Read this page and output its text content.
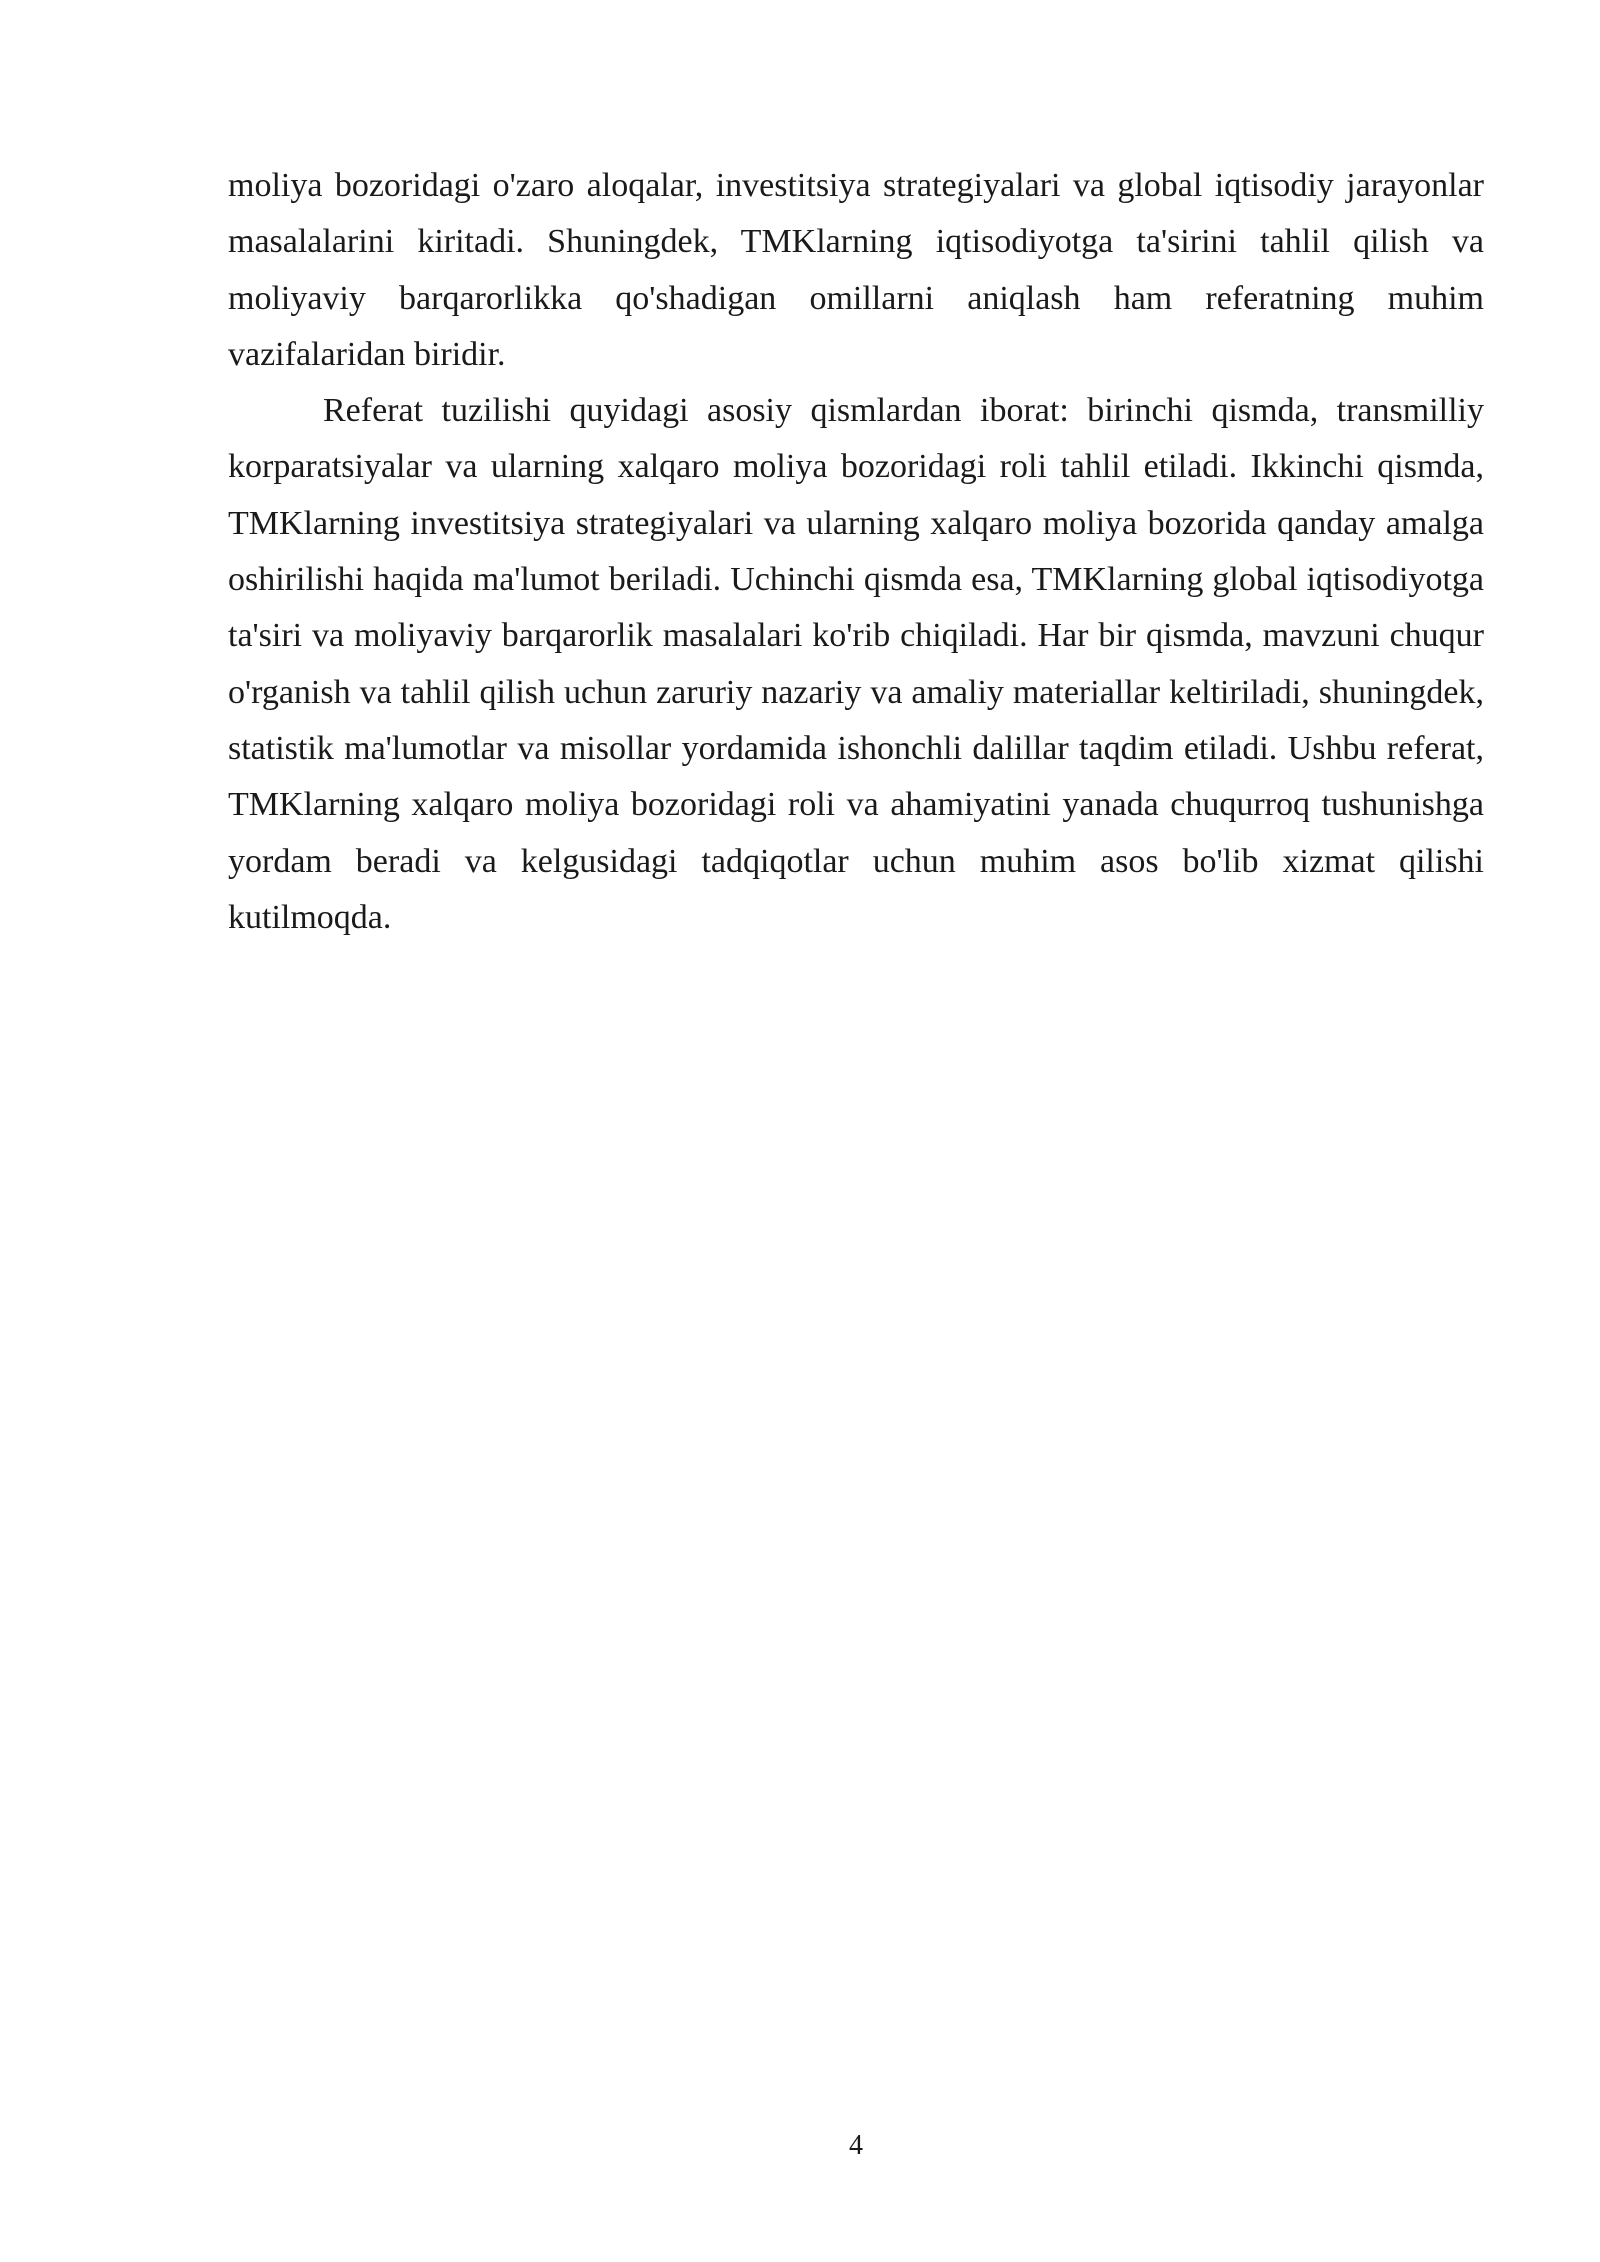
moliya bozoridagi o'zaro aloqalar, investitsiya strategiyalari va global iqtisodiy jarayonlar masalalarini kiritadi. Shuningdek, TMKlarning iqtisodiyotga ta'sirini tahlil qilish va moliyaviy barqarorlikka qo'shadigan omillarni aniqlash ham referatning muhim vazifalaridan biridir.

Referat tuzilishi quyidagi asosiy qismlardan iborat: birinchi qismda, transmilliy korparatsiyalar va ularning xalqaro moliya bozoridagi roli tahlil etiladi. Ikkinchi qismda, TMKlarning investitsiya strategiyalari va ularning xalqaro moliya bozorida qanday amalga oshirilishi haqida ma'lumot beriladi. Uchinchi qismda esa, TMKlarning global iqtisodiyotga ta'siri va moliyaviy barqarorlik masalalari ko'rib chiqiladi. Har bir qismda, mavzuni chuqur o'rganish va tahlil qilish uchun zaruriy nazariy va amaliy materiallar keltiriladi, shuningdek, statistik ma'lumotlar va misollar yordamida ishonchli dalillar taqdim etiladi. Ushbu referat, TMKlarning xalqaro moliya bozoridagi roli va ahamiyatini yanada chuqurroq tushunishga yordam beradi va kelgusidagi tadqiqotlar uchun muhim asos bo'lib xizmat qilishi kutilmoqda.

4
